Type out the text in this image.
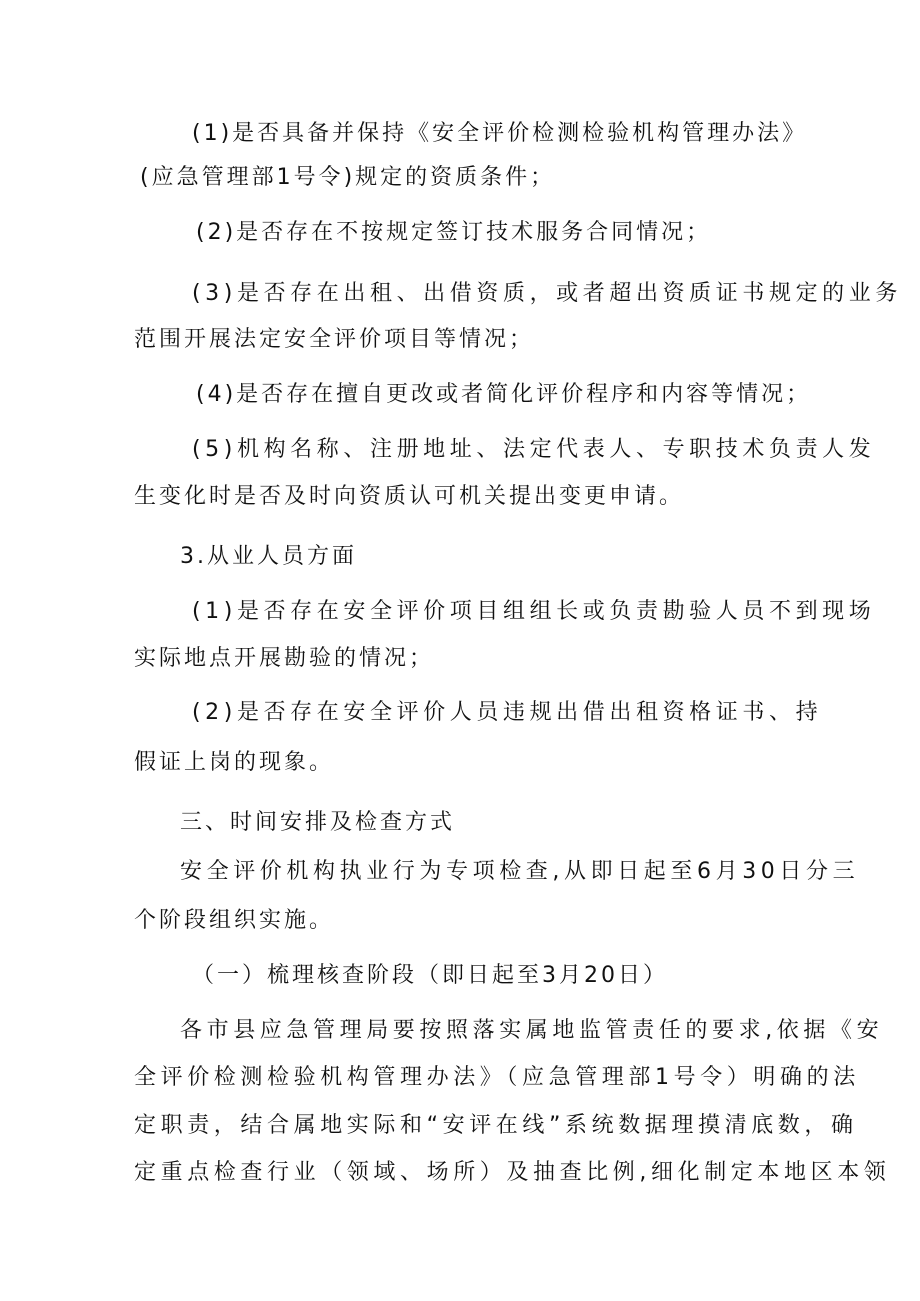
(1)是否具备并保持《安全评价检测检验机构管理办法》
(应急管理部1号令)规定的资质条件；
(2)是否存在不按规定签订技术服务合同情况；
(3)是否存在出租、出借资质，或者超出资质证书规定的业务
范围开展法定安全评价项目等情况；
(4)是否存在擅自更改或者简化评价程序和内容等情况；
(5)机构名称、注册地址、法定代表人、专职技术负责人发
生变化时是否及时向资质认可机关提出变更申请。
3.从业人员方面
(1)是否存在安全评价项目组组长或负责勘验人员不到现场
实际地点开展勘验的情况；
(2)是否存在安全评价人员违规出借出租资格证书、持
假证上岗的现象。
三、时间安排及检查方式
安全评价机构执业行为专项检查,从即日起至6月30日分三
个阶段组织实施。
（一）梳理核查阶段（即日起至3月20日）
各市县应急管理局要按照落实属地监管责任的要求,依据《安
全评价检测检验机构管理办法》（应急管理部1号令）明确的法
定职责，结合属地实际和“安评在线”系统数据理摸清底数，确
定重点检查行业（领域、场所）及抽查比例,细化制定本地区本领
